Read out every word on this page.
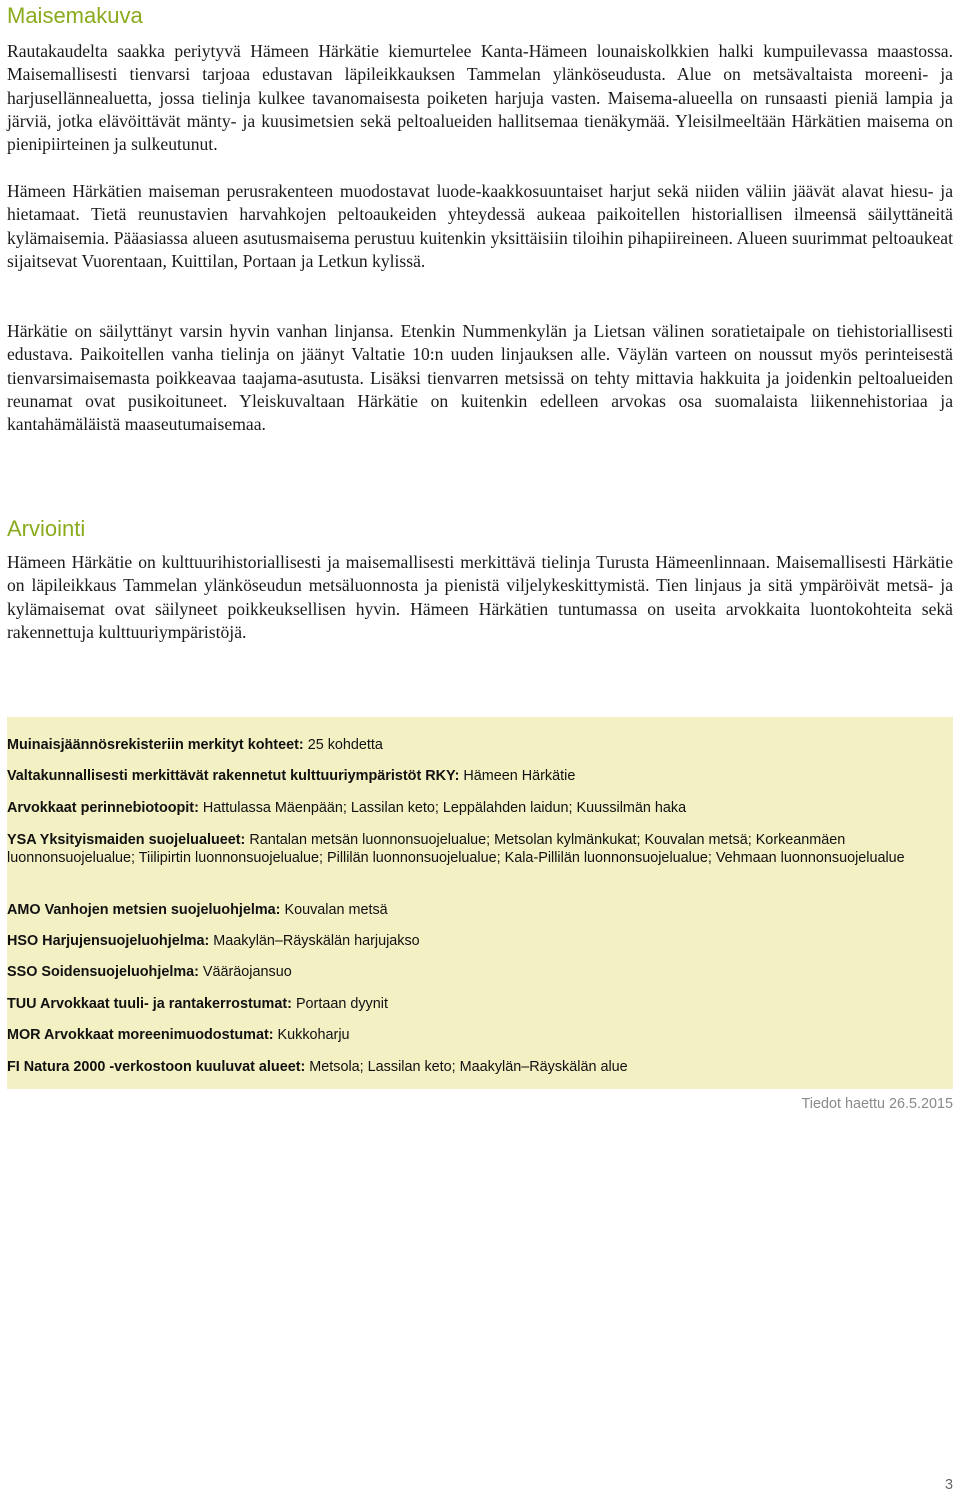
Maisemakuva

Rautakaudelta saakka periytyvä Hämeen Härkätie kiemurtelee Kanta-Hämeen lounaiskolkkien halki kumpuilevassa maastossa. Maisemallisesti tienvarsi tarjoaa edustavan läpileikkauksen Tammelan ylänköseudusta. Alue on metsävaltaista moreeni- ja harjusellännealuetta, jossa tielinja kulkee tavanomaisesta poiketen harjuja vasten. Maisema-alueella on runsaasti pieniä lampia ja järviä, jotka elävöittävät mänty- ja kuusimetsien sekä peltoalueiden hallitsemaa tienäkymää. Yleisilmeeltään Härkätien maisema on pienipiirteinen ja sulkeutunut.

Hämeen Härkätien maiseman perusrakenteen muodostavat luode-kaakkosuuntaiset harjut sekä niiden väliin jäävät alavat hiesu- ja hietamaat. Tietä reunustavien harvahkojen peltoaukeiden yhteydessä aukeaa paikoitellen historiallisen ilmeensä säilyttäneitä kylämaisemia. Pääasiassa alueen asutusmaisema perustuu kuitenkin yksittäisiin tiloihin pihapiireineen. Alueen suurimmat peltoaukeat sijaitsevat Vuorentaan, Kuittilan, Portaan ja Letkun kylissä.

Härkätie on säilyttänyt varsin hyvin vanhan linjansa. Etenkin Nummenkylän ja Lietsan välinen soratietaipale on tiehistoriallisesti edustava. Paikoitellen vanha tielinja on jäänyt Valtatie 10:n uuden linjauksen alle. Väylän varteen on noussut myös perinteisestä tienvarsimaisemasta poikkeavaa taajama-asutusta. Lisäksi tienvarren metsissä on tehty mittavia hakkuita ja joidenkin peltoalueiden reunamat ovat pusikoituneet. Yleiskuvaltaan Härkätie on kuitenkin edelleen arvokas osa suomalaista liikennehistoriaa ja kantahämäläistä maaseutumaisemaa.

Arviointi

Hämeen Härkätie on kulttuurihistoriallisesti ja maisemallisesti merkittävä tielinja Turusta Hämeenlinnaan. Maisemallisesti Härkätie on läpileikkaus Tammelan ylänköseudun metsäluonnosta ja pienistä viljelykeskittymistä. Tien linjaus ja sitä ympäröivät metsä- ja kylämaisemat ovat säilyneet poikkeuksellisen hyvin. Hämeen Härkätien tuntumassa on useita arvokkaita luontokohteita sekä rakennettuja kulttuuriympäristöjä.

Muinaisjäännösrekisteriin merkityt kohteet: 25 kohdetta

Valtakunnallisesti merkittävät rakennetut kulttuuriympäristöt RKY: Hämeen Härkätie

Arvokkaat perinnebiotoopit: Hattulassa Mäenpään; Lassilan keto; Leppälahden laidun; Kuussilmän haka

YSA Yksityismaiden suojelualueet: Rantalan metsän luonnonsuojelualue; Metsolan kylmänkukat; Kouvalan metsä; Korkeanmäen luonnonsuojelualue; Tiilipirtin luonnonsuojelualue; Pillilän luonnonsuojelualue; Kala-Pillilän luonnonsuojelualue; Vehmaan luonnonsuojelualue

AMO Vanhojen metsien suojeluohjelma: Kouvalan metsä

HSO Harjujensuojeluohjelma: Maakylän–Räyskälän harjujakso

SSO Soidensuojeluohjelma: Vääräojansuo

TUU Arvokkaat tuuli- ja rantakerrostumat: Portaan dyynit

MOR Arvokkaat moreenimuodostumat: Kukkoharju

FI Natura 2000 -verkostoon kuuluvat alueet: Metsola; Lassilan keto; Maakylän–Räyskälän alue

Tiedot haettu 26.5.2015
3
